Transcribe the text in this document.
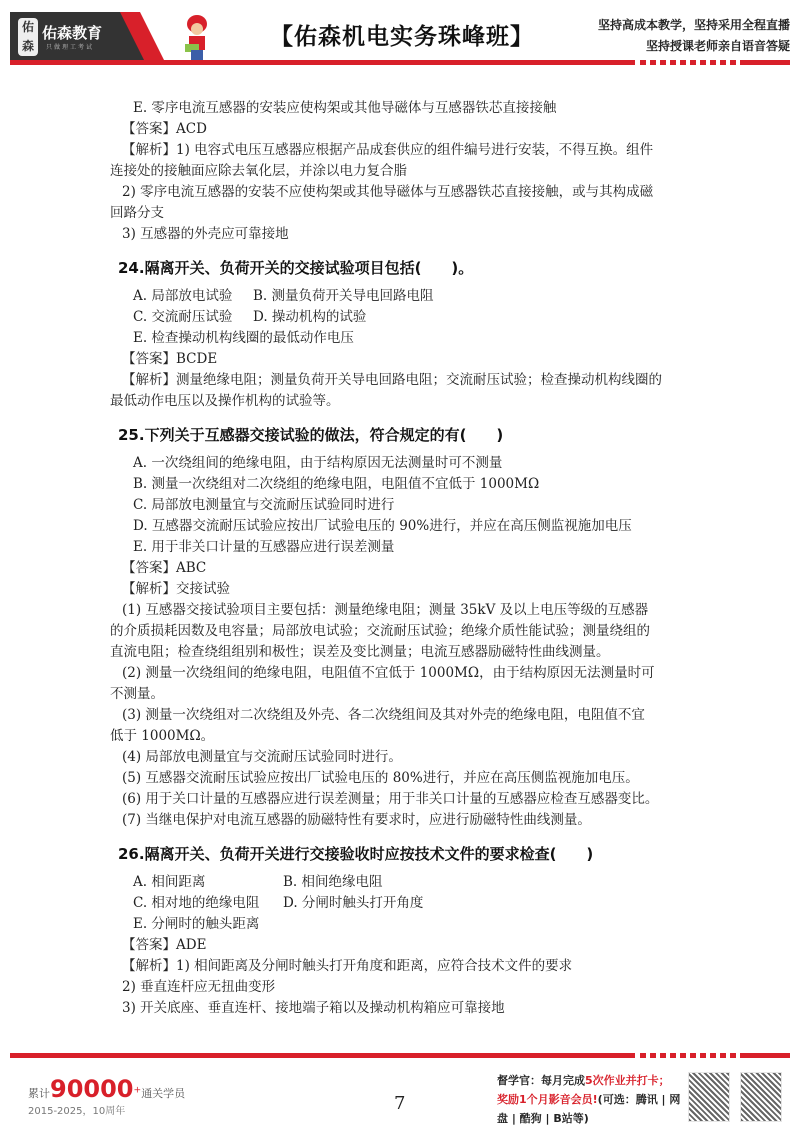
佑
森
佑森教育
只做理工考试	【佑森机电实务珠峰班】	坚持高成本教学，坚持采用全程直播
坚持授课老师亲自语音答疑
E. 零序电流互感器的安装应使构架或其他导磁体与互感器铁芯直接接触
【答案】ACD
【解析】1) 电容式电压互感器应根据产品成套供应的组件编号进行安装，不得互换。组件
连接处的接触面应除去氧化层，并涂以电力复合脂
2) 零序电流互感器的安装不应使构架或其他导磁体与互感器铁芯直接接触，或与其构成磁
回路分支
3) 互感器的外壳应可靠接地
24.隔离开关、负荷开关的交接试验项目包括(　　)。
A. 局部放电试验 B. 测量负荷开关导电回路电阻
C. 交流耐压试验 D. 操动机构的试验
E. 检查操动机构线圈的最低动作电压
【答案】BCDE
【解析】测量绝缘电阻；测量负荷开关导电回路电阻；交流耐压试验；检查操动机构线圈的
最低动作电压以及操作机构的试验等。
25.下列关于互感器交接试验的做法，符合规定的有(　　)
A. 一次绕组间的绝缘电阻，由于结构原因无法测量时可不测量
B. 测量一次绕组对二次绕组的绝缘电阻，电阻值不宜低于 1000MΩ
C. 局部放电测量宜与交流耐压试验同时进行
D. 互感器交流耐压试验应按出厂试验电压的 90%进行，并应在高压侧监视施加电压
E. 用于非关口计量的互感器应进行误差测量
【答案】ABC
【解析】交接试验
(1) 互感器交接试验项目主要包括：测量绝缘电阻；测量 35kV 及以上电压等级的互感器
的介质损耗因数及电容量；局部放电试验；交流耐压试验；绝缘介质性能试验；测量绕组的
直流电阻；检查绕组组别和极性；误差及变比测量；电流互感器励磁特性曲线测量。
(2) 测量一次绕组间的绝缘电阻，电阻值不宜低于 1000MΩ，由于结构原因无法测量时可
不测量。
(3) 测量一次绕组对二次绕组及外壳、各二次绕组间及其对外壳的绝缘电阻，电阻值不宜
低于 1000MΩ。
(4) 局部放电测量宜与交流耐压试验同时进行。
(5) 互感器交流耐压试验应按出厂试验电压的 80%进行，并应在高压侧监视施加电压。
(6) 用于关口计量的互感器应进行误差测量；用于非关口计量的互感器应检查互感器变比。
(7) 当继电保护对电流互感器的励磁特性有要求时，应进行励磁特性曲线测量。
26.隔离开关、负荷开关进行交接验收时应按技术文件的要求检查(　　)
A. 相间距离	B. 相间绝缘电阻
C. 相对地的绝缘电阻 D. 分闸时触头打开角度
E. 分闸时的触头距离
【答案】ADE
【解析】1) 相间距离及分闸时触头打开角度和距离，应符合技术文件的要求
2) 垂直连杆应无扭曲变形
3) 开关底座、垂直连杆、接地端子箱以及操动机构箱应可靠接地
累计90000+通关学员
2015-2025，10周年	7
督学官：每月完成5次作业并打卡；
奖励1个月影音会员!(可选：腾讯 | 网盘 | 酷狗 | B站等)
